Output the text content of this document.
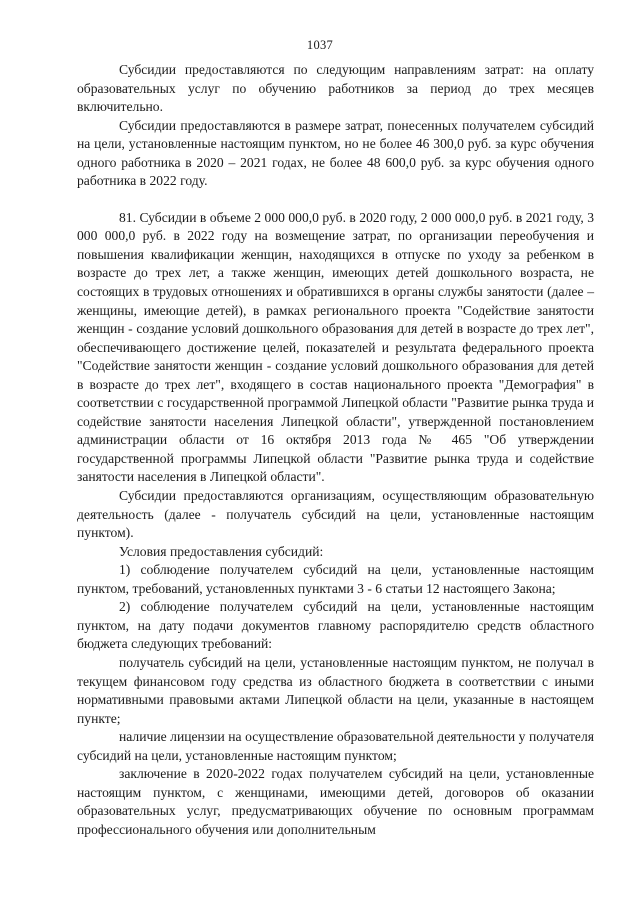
1037

Субсидии предоставляются по следующим направлениям затрат: на оплату образовательных услуг по обучению работников за период до трех месяцев включительно.

Субсидии предоставляются в размере затрат, понесенных получателем субсидий на цели, установленные настоящим пунктом, но не более 46 300,0 руб. за курс обучения одного работника в 2020 – 2021 годах, не более 48 600,0 руб. за курс обучения одного работника в 2022 году.

81. Субсидии в объеме 2 000 000,0 руб. в 2020 году, 2 000 000,0 руб. в 2021 году, 3 000 000,0 руб. в 2022 году на возмещение затрат, по организации переобучения и повышения квалификации женщин, находящихся в отпуске по уходу за ребенком в возрасте до трех лет, а также женщин, имеющих детей дошкольного возраста, не состоящих в трудовых отношениях и обратившихся в органы службы занятости (далее – женщины, имеющие детей), в рамках регионального проекта "Содействие занятости женщин - создание условий дошкольного образования для детей в возрасте до трех лет", обеспечивающего достижение целей, показателей и результата федерального проекта "Содействие занятости женщин - создание условий дошкольного образования для детей в возрасте до трех лет", входящего в состав национального проекта "Демография" в соответствии с государственной программой Липецкой области "Развитие рынка труда и содействие занятости населения Липецкой области", утвержденной постановлением администрации области от 16 октября 2013 года № 465 "Об утверждении государственной программы Липецкой области "Развитие рынка труда и содействие занятости населения в Липецкой области".

Субсидии предоставляются организациям, осуществляющим образовательную деятельность (далее - получатель субсидий на цели, установленные настоящим пунктом).

Условия предоставления субсидий:

1) соблюдение получателем субсидий на цели, установленные настоящим пунктом, требований, установленных пунктами 3 - 6 статьи 12 настоящего Закона;

2) соблюдение получателем субсидий на цели, установленные настоящим пунктом, на дату подачи документов главному распорядителю средств областного бюджета следующих требований:

получатель субсидий на цели, установленные настоящим пунктом, не получал в текущем финансовом году средства из областного бюджета в соответствии с иными нормативными правовыми актами Липецкой области на цели, указанные в настоящем пункте;

наличие лицензии на осуществление образовательной деятельности у получателя субсидий на цели, установленные настоящим пунктом;

заключение в 2020-2022 годах получателем субсидий на цели, установленные настоящим пунктом, с женщинами, имеющими детей, договоров об оказании образовательных услуг, предусматривающих обучение по основным программам профессионального обучения или дополнительным
